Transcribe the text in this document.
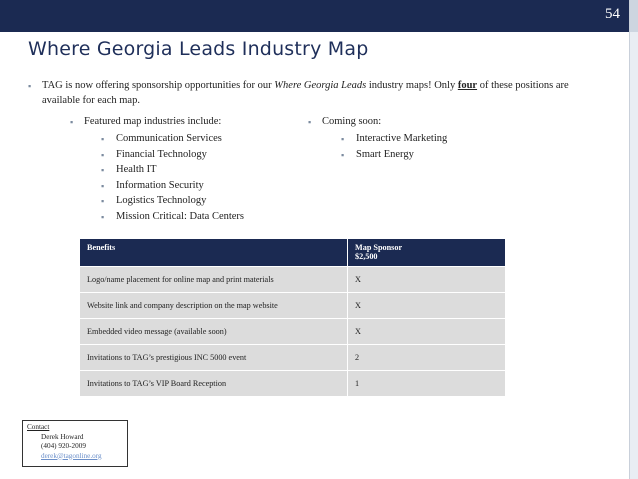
54
Where Georgia Leads Industry Map
▪ TAG is now offering sponsorship opportunities for our Where Georgia Leads industry maps! Only four of these positions are available for each map.
▪ Featured map industries include:
▪ Communication Services
▪ Financial Technology
▪ Health IT
▪ Information Security
▪ Logistics Technology
▪ Mission Critical: Data Centers
▪ Coming soon:
▪ Interactive Marketing
▪ Smart Energy
Benefits	Map Sponsor
$2,500

Logo/name placement for online map and print materials	X
Website link and company description on the map website	X
Embedded video message (available soon)	X
Invitations to TAG’s prestigious INC 5000 event	2
Invitations to TAG’s VIP Board Reception	1
Contact
Derek Howard
(404) 920-2009
derek@tagonline.org
